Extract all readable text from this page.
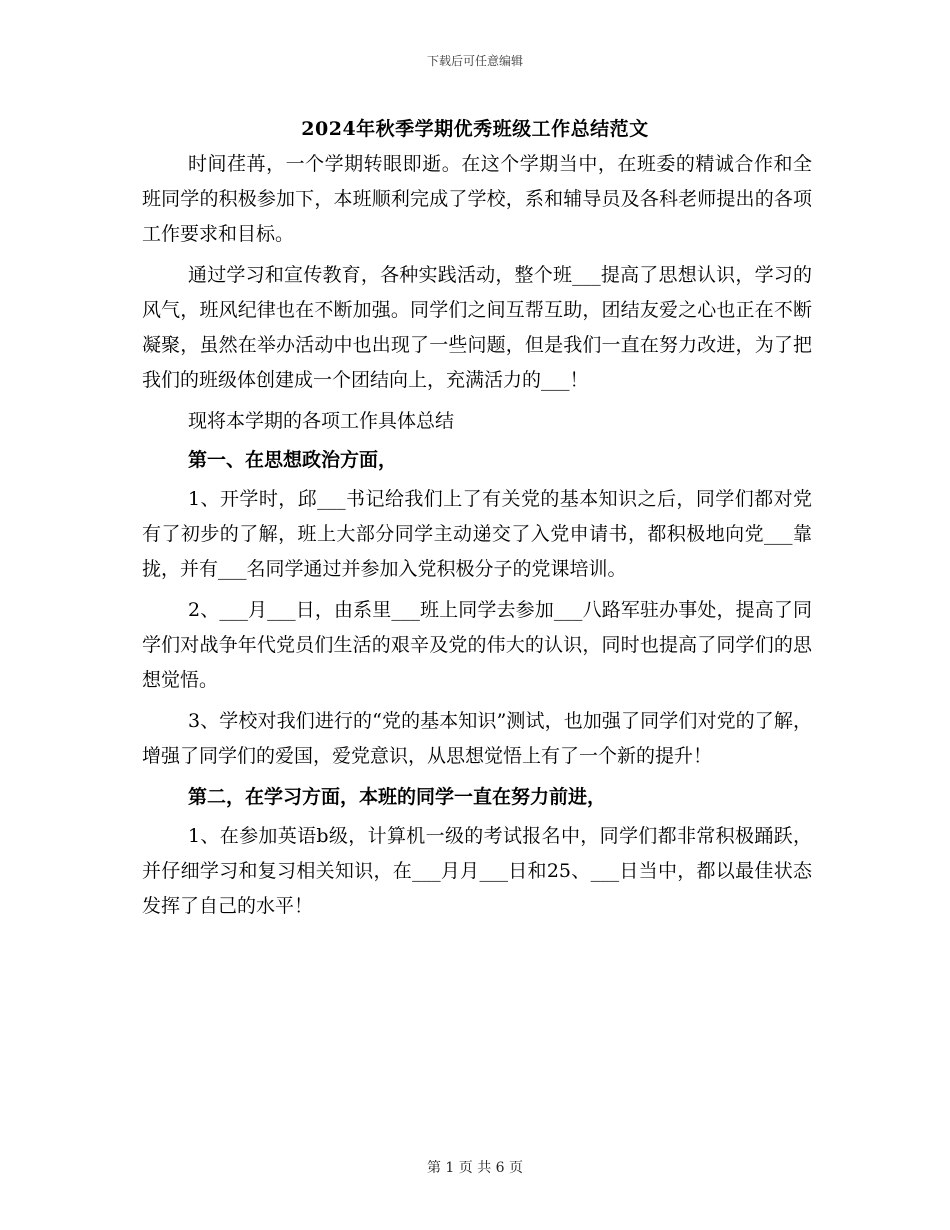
下载后可任意编辑
2024年秋季学期优秀班级工作总结范文

时间荏苒，一个学期转眼即逝。在这个学期当中，在班委的精诚合作和全班同学的积极参加下，本班顺利完成了学校，系和辅导员及各科老师提出的各项工作要求和目标。

通过学习和宣传教育，各种实践活动，整个班___提高了思想认识，学习的风气，班风纪律也在不断加强。同学们之间互帮互助，团结友爱之心也正在不断凝聚，虽然在举办活动中也出现了一些问题，但是我们一直在努力改进，为了把我们的班级体创建成一个团结向上，充满活力的___！

现将本学期的各项工作具体总结

第一、在思想政治方面，

1、开学时，邱___书记给我们上了有关党的基本知识之后，同学们都对党有了初步的了解，班上大部分同学主动递交了入党申请书，都积极地向党___靠拢，并有___名同学通过并参加入党积极分子的党课培训。

2、___月___日，由系里___班上同学去参加___八路军驻办事处，提高了同学们对战争年代党员们生活的艰辛及党的伟大的认识，同时也提高了同学们的思想觉悟。

3、学校对我们进行的“党的基本知识”测试，也加强了同学们对党的了解，增强了同学们的爱国，爱党意识，从思想觉悟上有了一个新的提升！

第二，在学习方面，本班的同学一直在努力前进，

1、在参加英语b级，计算机一级的考试报名中，同学们都非常积极踊跃，并仔细学习和复习相关知识，在___月月___日和25、___日当中，都以最佳状态发挥了自己的水平！

第 1 页 共 6 页
